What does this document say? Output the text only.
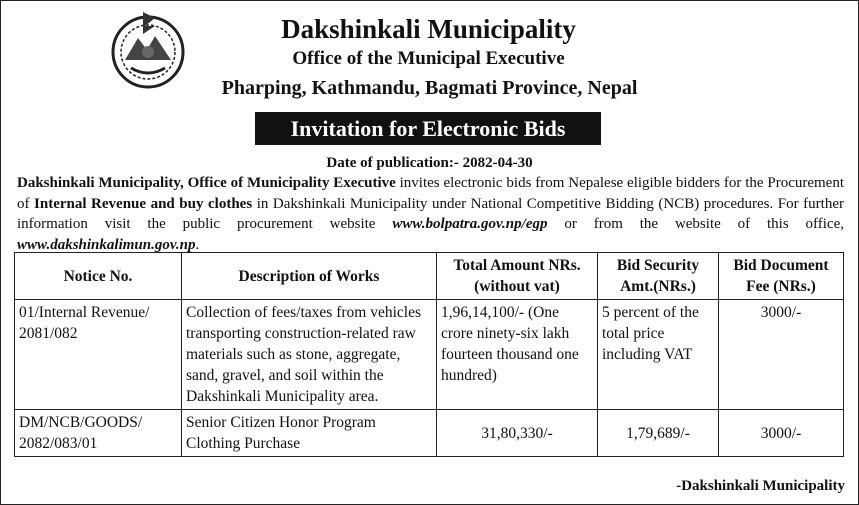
Dakshinkali Municipality
Office of the Municipal Executive
Pharping, Kathmandu, Bagmati Province, Nepal
Invitation for Electronic Bids
Date of publication:- 2082-04-30
Dakshinkali Municipality, Office of Municipality Executive invites electronic bids from Nepalese eligible bidders for the Procurement of Internal Revenue and buy clothes in Dakshinkali Municipality under National Competitive Bidding (NCB) procedures. For further information visit the public procurement website www.bolpatra.gov.np/egp or from the website of this office, www.dakshinkalimun.gov.np.
Notice No.	Description of Works	Total Amount NRs. (without vat)	Bid Security Amt.(NRs.)	Bid Document Fee (NRs.)
01/Internal Revenue/ 2081/082	Collection of fees/taxes from vehicles transporting construction-related raw materials such as stone, aggregate, sand, gravel, and soil within the Dakshinkali Municipality area.	1,96,14,100/- (One crore ninety-six lakh fourteen thousand one hundred)	5 percent of the total price including VAT	3000/-
DM/NCB/GOODS/ 2082/083/01	Senior Citizen Honor Program Clothing Purchase	31,80,330/-	1,79,689/-	3000/-
-Dakshinkali Municipality
